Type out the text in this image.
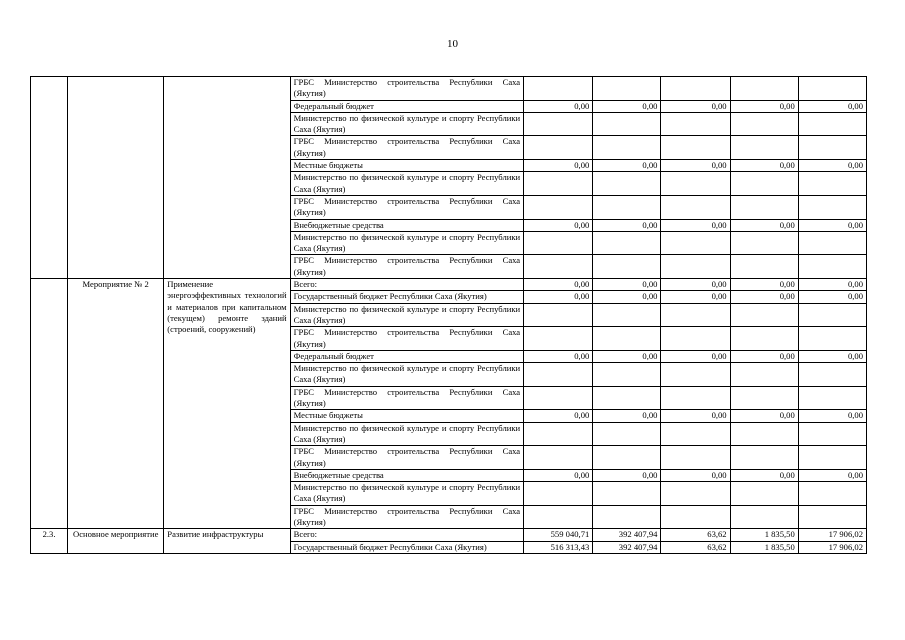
10
			ГРБС Министерство строительства Республики Саха (Якутия)					
			Федеральный бюджет	0,00	0,00	0,00	0,00	0,00
			Министерство по физической культуре и спорту Республики Саха (Якутия)					
			ГРБС Министерство строительства Республики Саха (Якутия)					
			Местные бюджеты	0,00	0,00	0,00	0,00	0,00
			Министерство по физической культуре и спорту Республики Саха (Якутия)					
			ГРБС Министерство строительства Республики Саха (Якутия)					
			Внебюджетные средства	0,00	0,00	0,00	0,00	0,00
			Министерство по физической культуре и спорту Республики Саха (Якутия)					
			ГРБС Министерство строительства Республики Саха (Якутия)					
	Мероприятие № 2	Применение энергоэффективных технологий и материалов при капитальном (текущем) ремонте зданий (строений, сооружений)	Всего:	0,00	0,00	0,00	0,00	0,00
			Государственный бюджет Республики Саха (Якутия)	0,00	0,00	0,00	0,00	0,00
			Министерство по физической культуре и спорту Республики Саха (Якутия)					
			ГРБС Министерство строительства Республики Саха (Якутия)					
			Федеральный бюджет	0,00	0,00	0,00	0,00	0,00
			Министерство по физической культуре и спорту Республики Саха (Якутия)					
			ГРБС Министерство строительства Республики Саха (Якутия)					
			Местные бюджеты	0,00	0,00	0,00	0,00	0,00
			Министерство по физической культуре и спорту Республики Саха (Якутия)					
			ГРБС Министерство строительства Республики Саха (Якутия)					
			Внебюджетные средства	0,00	0,00	0,00	0,00	0,00
			Министерство по физической культуре и спорту Республики Саха (Якутия)					
			ГРБС Министерство строительства Республики Саха (Якутия)					
2.3.	Основное мероприятие	Развитие инфраструктуры	Всего:	559 040,71	392 407,94	63,62	1 835,50	17 906,02
			Государственный бюджет Республики Саха (Якутия)	516 313,43	392 407,94	63,62	1 835,50	17 906,02
